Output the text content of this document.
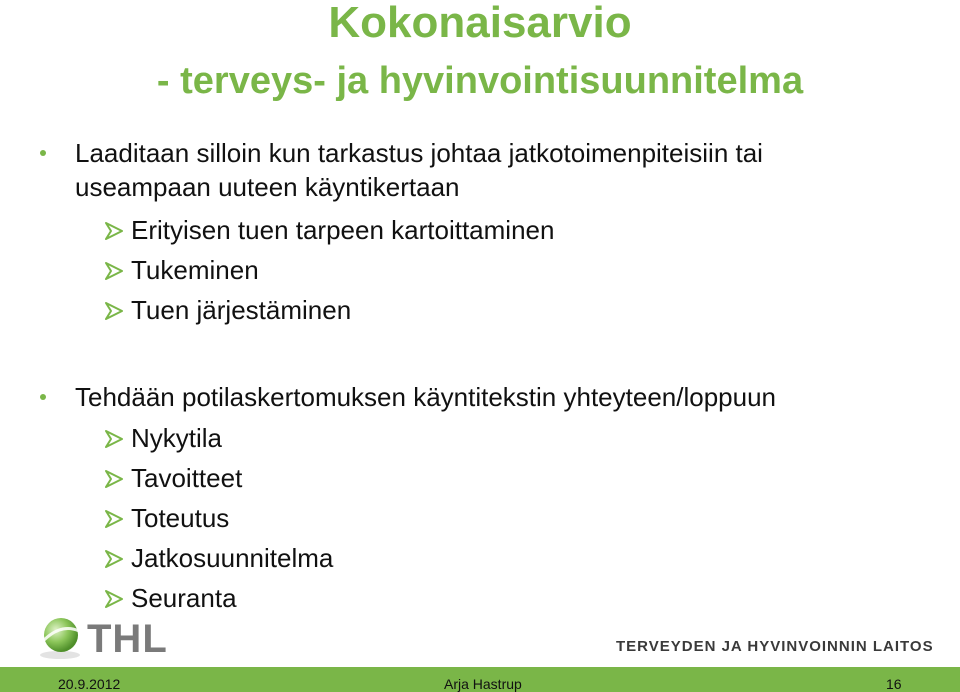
Kokonaisarvio
- terveys- ja hyvinvointisuunnitelma
Laaditaan silloin kun tarkastus johtaa jatkotoimenpiteisiin tai
useampaan uuteen käyntikertaan
Erityisen tuen tarpeen kartoittaminen
Tukeminen
Tuen järjestäminen
Tehdään potilaskertomuksen käyntitekstin yhteyteen/loppuun
Nykytila
Tavoitteet
Toteutus
Jatkosuunnitelma
Seuranta
THL	TERVEYDEN JA HYVINVOINNIN LAITOS
20.9.2012	Arja Hastrup	16
